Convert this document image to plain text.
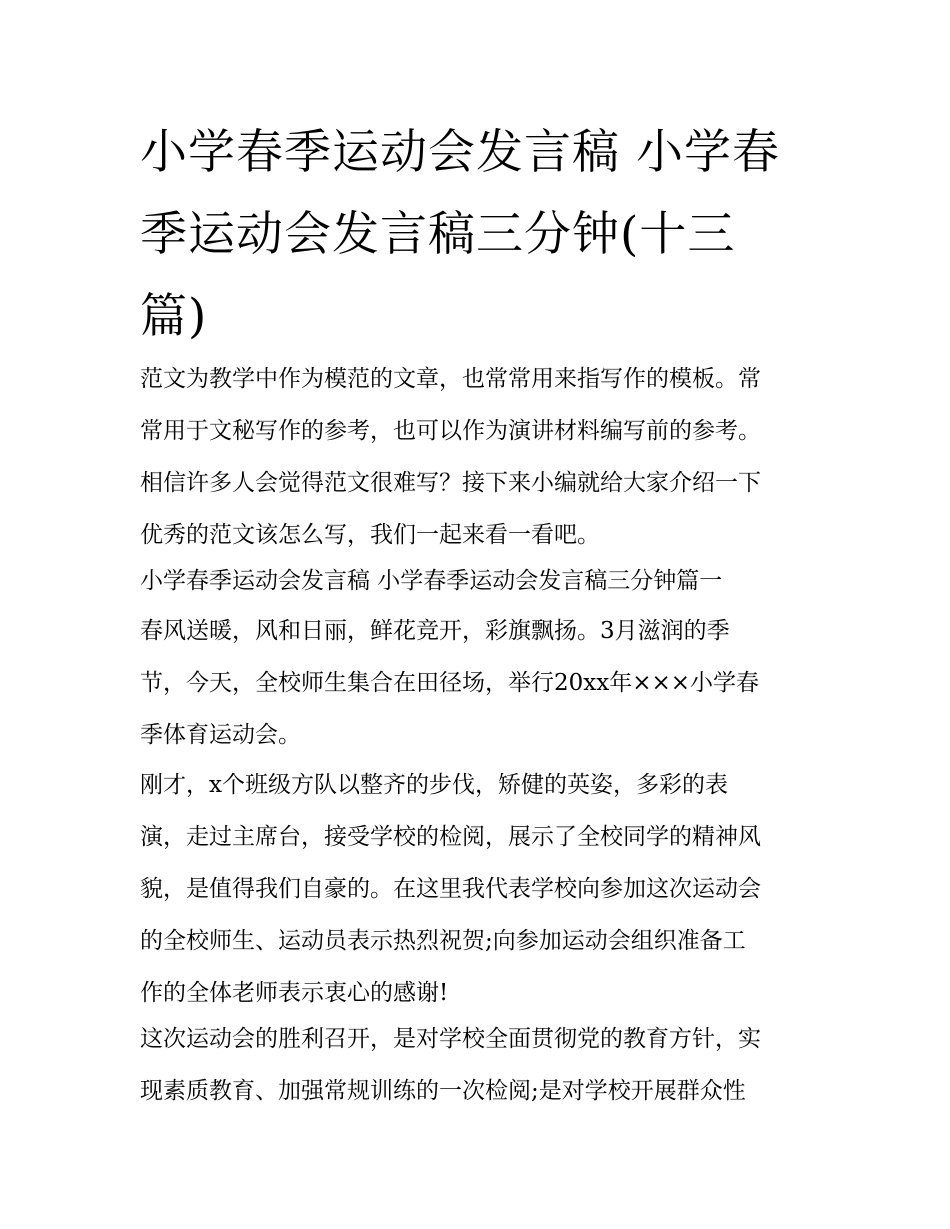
小学春季运动会发言稿 小学春
季运动会发言稿三分钟(十三
篇)

范文为教学中作为模范的文章，也常常用来指写作的模板。常
常用于文秘写作的参考，也可以作为演讲材料编写前的参考。
相信许多人会觉得范文很难写？接下来小编就给大家介绍一下
优秀的范文该怎么写，我们一起来看一看吧。

小学春季运动会发言稿 小学春季运动会发言稿三分钟篇一

春风送暖，风和日丽，鲜花竞开，彩旗飘扬。3月滋润的季
节，今天，全校师生集合在田径场，举行20xx年×××小学春
季体育运动会。

刚才，x个班级方队以整齐的步伐，矫健的英姿，多彩的表
演，走过主席台，接受学校的检阅，展示了全校同学的精神风
貌，是值得我们自豪的。在这里我代表学校向参加这次运动会
的全校师生、运动员表示热烈祝贺;向参加运动会组织准备工
作的全体老师表示衷心的感谢!

这次运动会的胜利召开，是对学校全面贯彻党的教育方针，实
现素质教育、加强常规训练的一次检阅;是对学校开展群众性
